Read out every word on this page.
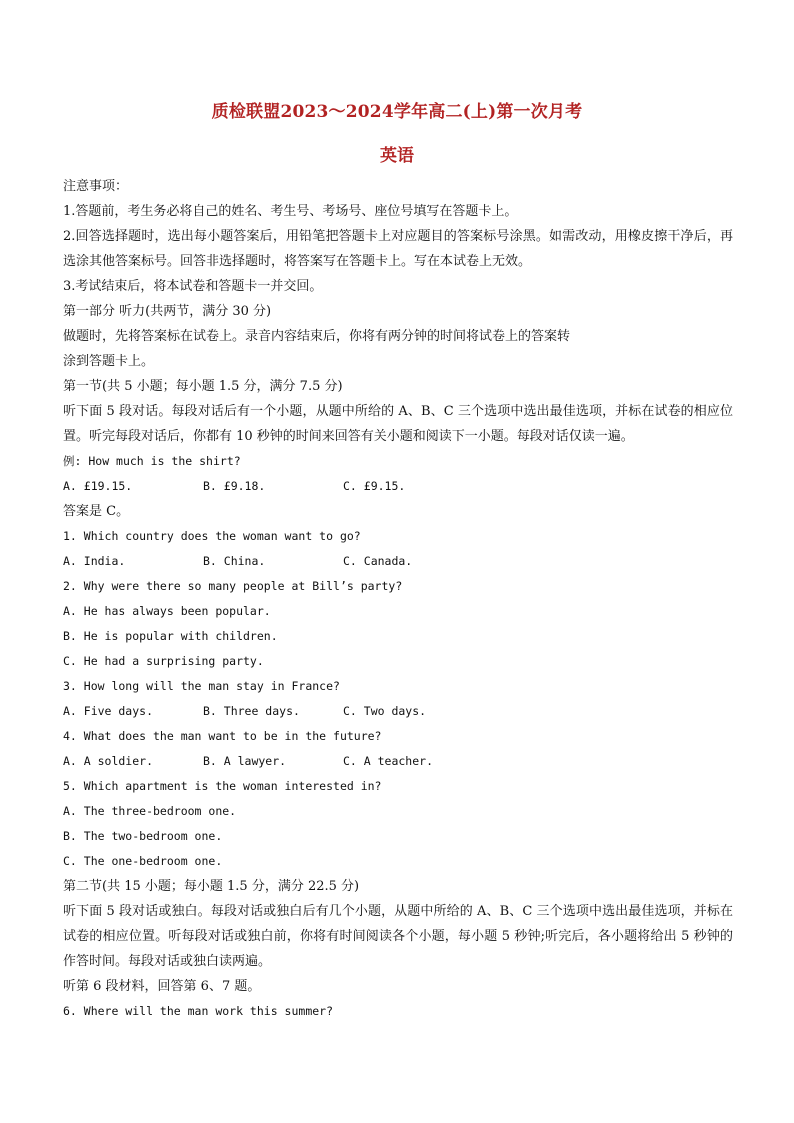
质检联盟2023～2024学年高二(上)第一次月考
英语
注意事项：
1.答题前，考生务必将自己的姓名、考生号、考场号、座位号填写在答题卡上。
2.回答选择题时，选出每小题答案后，用铅笔把答题卡上对应题目的答案标号涂黑。如需改动，用橡皮擦干净后，再选涂其他答案标号。回答非选择题时，将答案写在答题卡上。写在本试卷上无效。
3.考试结束后，将本试卷和答题卡一并交回。
第一部分 听力(共两节，满分 30 分)
做题时，先将答案标在试卷上。录音内容结束后，你将有两分钟的时间将试卷上的答案转
涂到答题卡上。
第一节(共 5 小题；每小题 1.5 分，满分 7.5 分)
听下面 5 段对话。每段对话后有一个小题，从题中所给的 A、B、C 三个选项中选出最佳选项，并标在试卷的相应位置。听完每段对话后，你都有 10 秒钟的时间来回答有关小题和阅读下一小题。每段对话仅读一遍。
例: How much is the shirt?
A. £19.15.	B. £9.18.	C. £9.15.
答案是 C。
1. Which country does the woman want to go?
A. India.	B. China.	C. Canada.
2. Why were there so many people at Bill’s party?
A. He has always been popular.
B. He is popular with children.
C. He had a surprising party.
3. How long will the man stay in France?
A. Five days.	B. Three days.	C. Two days.
4. What does the man want to be in the future?
A. A soldier.	B. A lawyer.	C. A teacher.
5. Which apartment is the woman interested in?
A. The three-bedroom one.
B. The two-bedroom one.
C. The one-bedroom one.
第二节(共 15 小题；每小题 1.5 分，满分 22.5 分)
听下面 5 段对话或独白。每段对话或独白后有几个小题，从题中所给的 A、B、C 三个选项中选出最佳选项，并标在试卷的相应位置。听每段对话或独白前，你将有时间阅读各个小题，每小题 5 秒钟;听完后，各小题将给出 5 秒钟的作答时间。每段对话或独白读两遍。
听第 6 段材料，回答第 6、7 题。
6. Where will the man work this summer?
